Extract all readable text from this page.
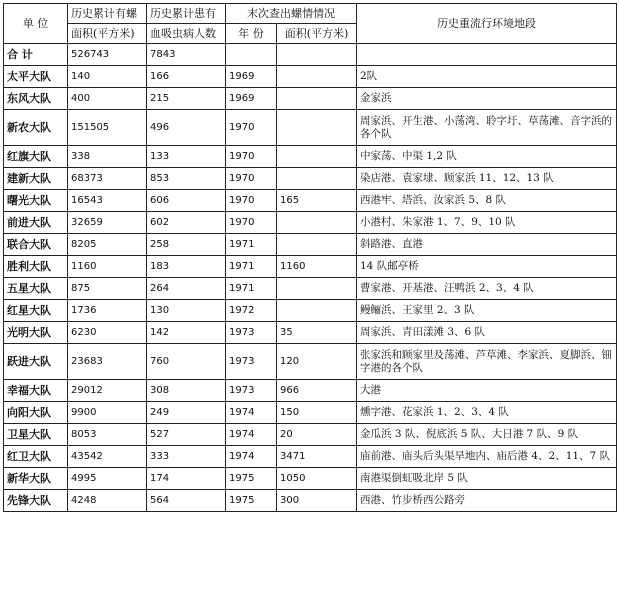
单 位	历史累计有螺	历史累计患有	末次查出螺情情况		历史重流行环境地段
	面积(平方米)	血吸虫病人数	年 份	面积(平方米)	
合 计	526743	7843			
太平大队	140	166	1969		2队
东风大队	400	215	1969		金家浜
新农大队	151505	496	1970		周家浜、开生港、小荡湾、聆字圩、草荡滩、音字浜的各个队
红旗大队	338	133	1970		中家荡、中渠 1,2 队
建新大队	68373	853	1970		染店港、袁家埭、顾家浜 11、12、13 队
曙光大队	16543	606	1970	165	西港牢、塔浜、汝家浜 5、8 队
前进大队	32659	602	1970		小港村、朱家港 1、7、9、10 队
联合大队	8205	258	1971		斜路港、直港
胜利大队	1160	183	1971	1160	14 队邮亭桥
五星大队	875	264	1971		曹家港、开基港、汪鸭浜 2、3、4 队
红星大队	1736	130	1972		鳗鲡浜、王家里 2、3 队
光明大队	6230	142	1973	35	周家浜、青田漾滩 3、6 队
跃进大队	23683	760	1973	120	张家浜和顾家里及荡滩、芦草滩、李家浜、夏脚浜、钿字港的各个队
幸福大队	29012	308	1973	966	大港
向阳大队	9900	249	1974	150	燻字港、花家浜 1、2、3、4 队
卫星大队	8053	527	1974	20	金瓜浜 3 队、倪底浜 5 队、大日港 7 队、9 队
红卫大队	43542	333	1974	3471	庙前港、庙头后头渠旱地内、庙后港 4、2、11、7 队
新华大队	4995	174	1975	1050	南港渠倒虹吸北岸 5 队
先锋大队	4248	564	1975	300	西港、竹步桥西公路旁
